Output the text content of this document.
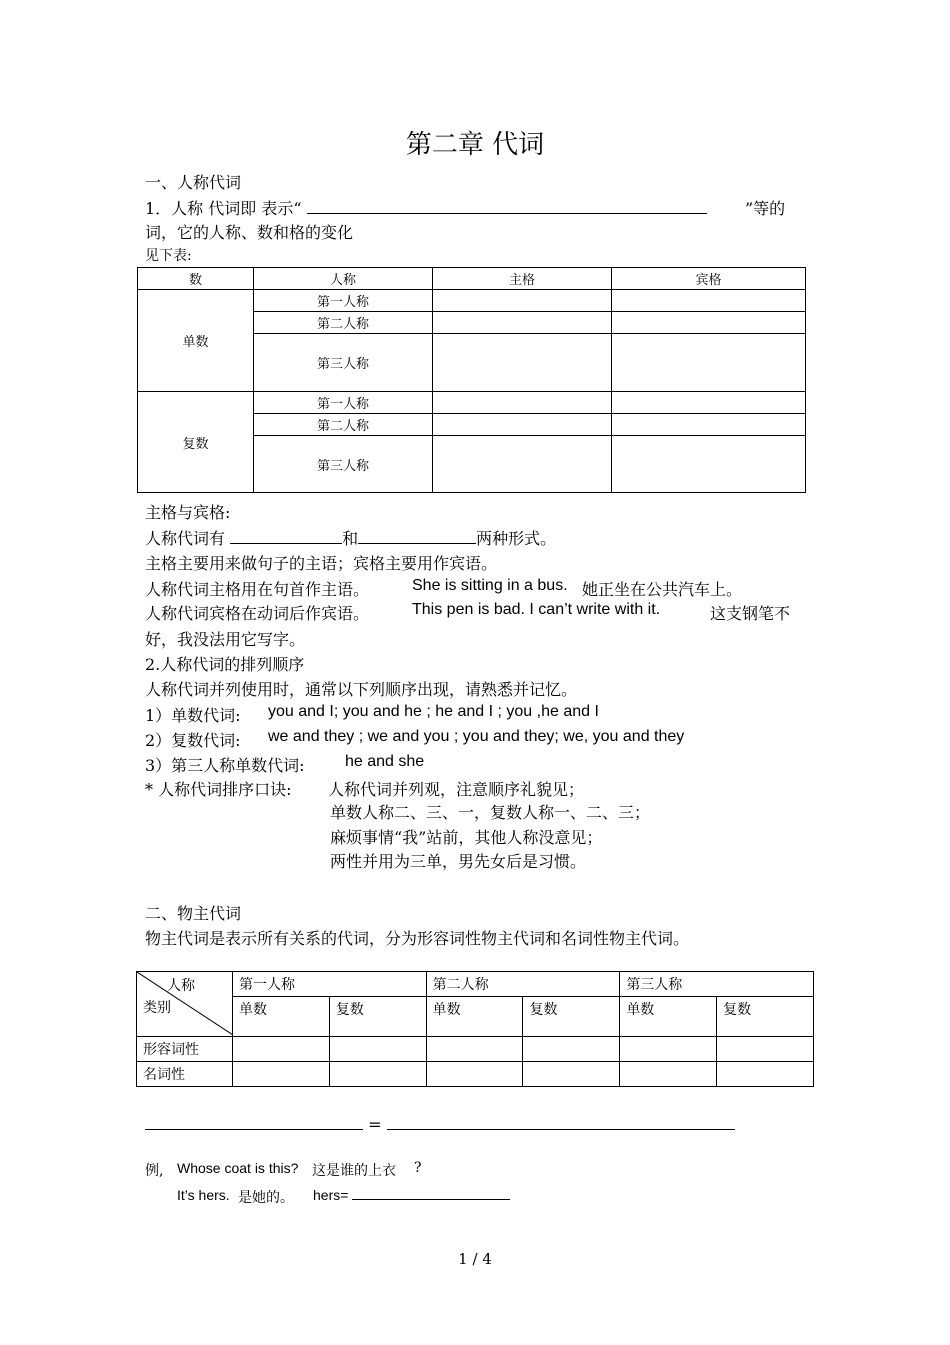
第二章 代词
一、人称代词
1．人称 代词即 表示“	”等的
词，它的人称、数和格的变化
见下表:
数	人称	主格	宾格
单数	第一人称		
	第二人称		
	第三人称		
复数	第一人称		
	第二人称		
	第三人称		
主格与宾格:
人称代词有	和	两种形式。
主格主要用来做句子的主语；宾格主要用作宾语。
人称代词主格用在句首作主语。	She is sitting in a bus. 她正坐在公共汽车上。
人称代词宾格在动词后作宾语。	This pen is bad. I can’t write with it.	这支钢笔不
好，我没法用它写字。
2.人称代词的排列顺序
人称代词并列使用时，通常以下列顺序出现，请熟悉并记忆。
1）单数代词: you and I; you and he ; he and I ; you ,he and I
2）复数代词: we and they ; we and you ; you and they; we, you and they
3）第三人称单数代词:	he and she
* 人称代词排序口诀: 人称代词并列观，注意顺序礼貌见；
单数人称二、三、一，复数人称一、二、三；
麻烦事情“我”站前，其他人称没意见；
两性并用为三单，男先女后是习惯。
二、物主代词
物主代词是表示所有关系的代词，分为形容词性物主代词和名词性物主代词。
人称
类别	第一人称		第二人称		第三人称	
	单数	复数	单数	复数	单数	复数
形容词性						
名词性						
=
例, Whose coat is this? 这是谁的上衣 ?
It’s hers. 是她的。 hers=
1 / 4
